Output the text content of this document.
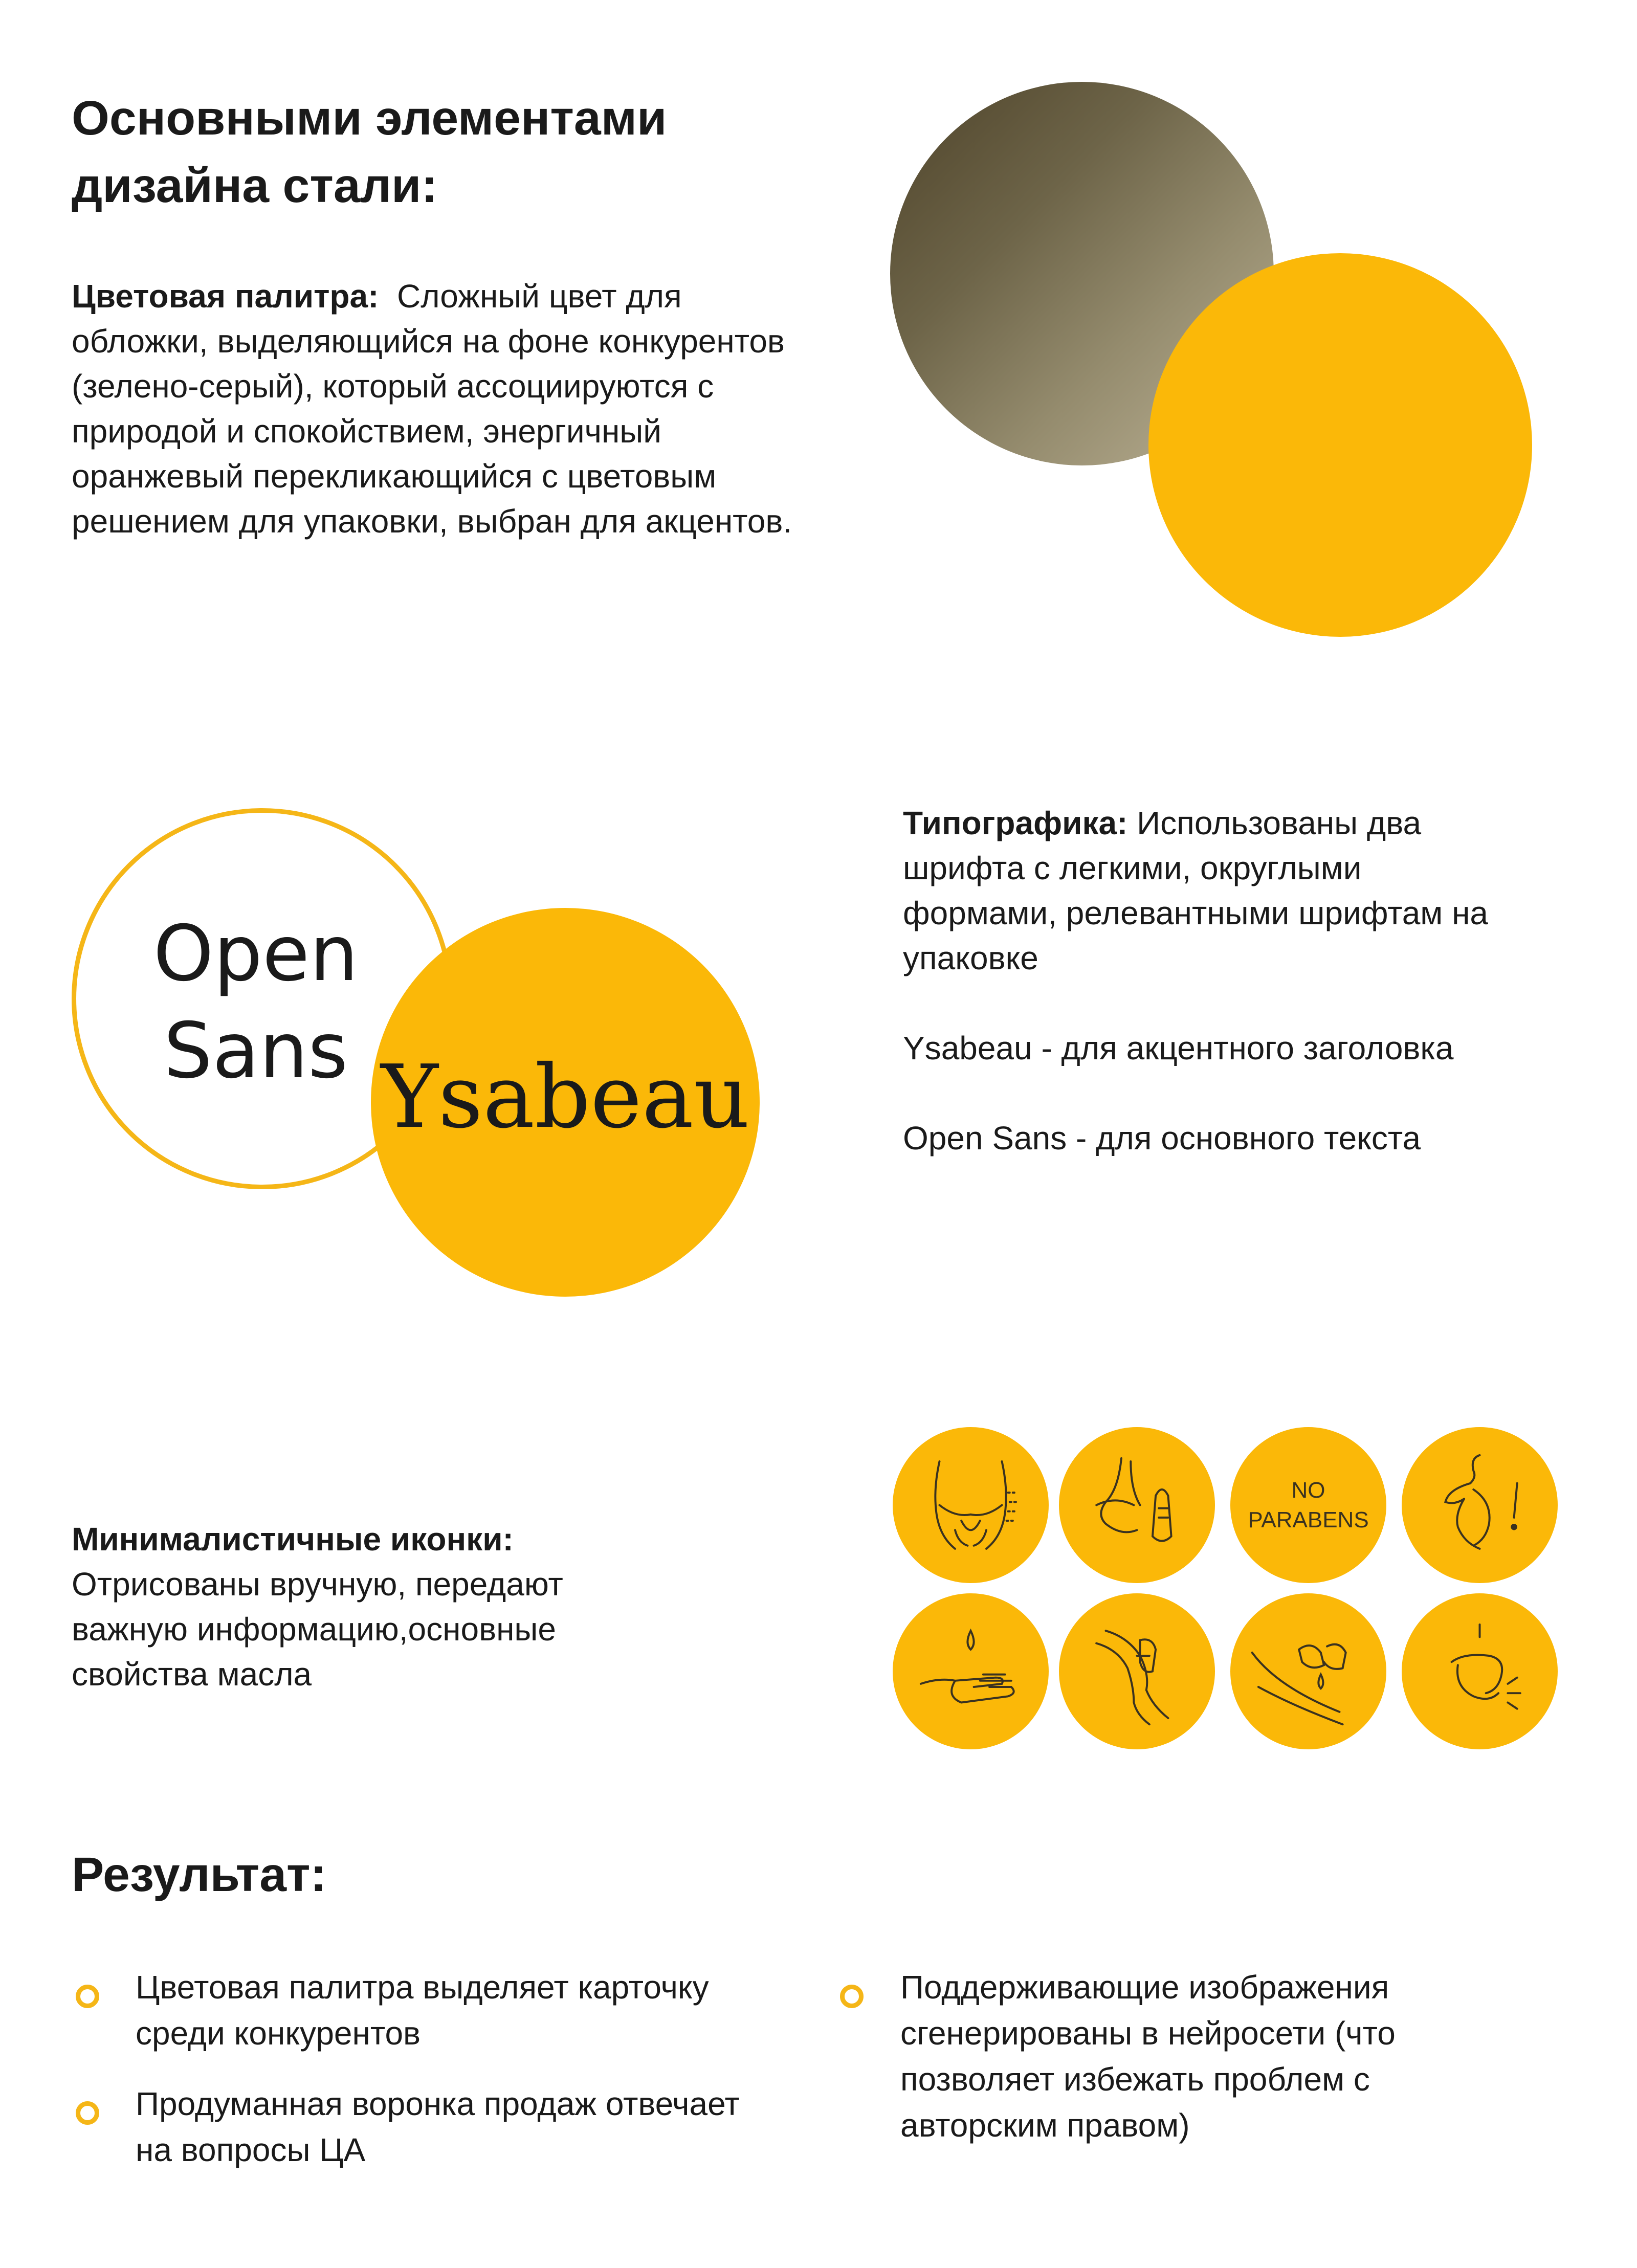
Основными элементами дизайна стали:

Цветовая палитра: Сложный цвет для обложки, выделяющийся на фоне конкурентов (зелено-серый), который ассоциируются с природой и спокойствием, энергичный оранжевый перекликающийся с цветовым решением для упаковки, выбран для акцентов.

Open Sans Ysabeau

Типографика: Использованы два шрифта с легкими, округлыми формами, релевантными шрифтам на упаковке

Ysabeau - для акцентного заголовка

Open Sans - для основного текста

Минималистичные иконки:
Отрисованы вручную, передают важную информацию,основные свойства масла

NO
PARABENS
Результат:

Цветовая палитра выделяет карточку среди конкурентов

Продуманная воронка продаж отвечает на вопросы ЦА

Поддерживающие изображения сгенерированы в нейросети (что позволяет избежать проблем с авторским правом)
